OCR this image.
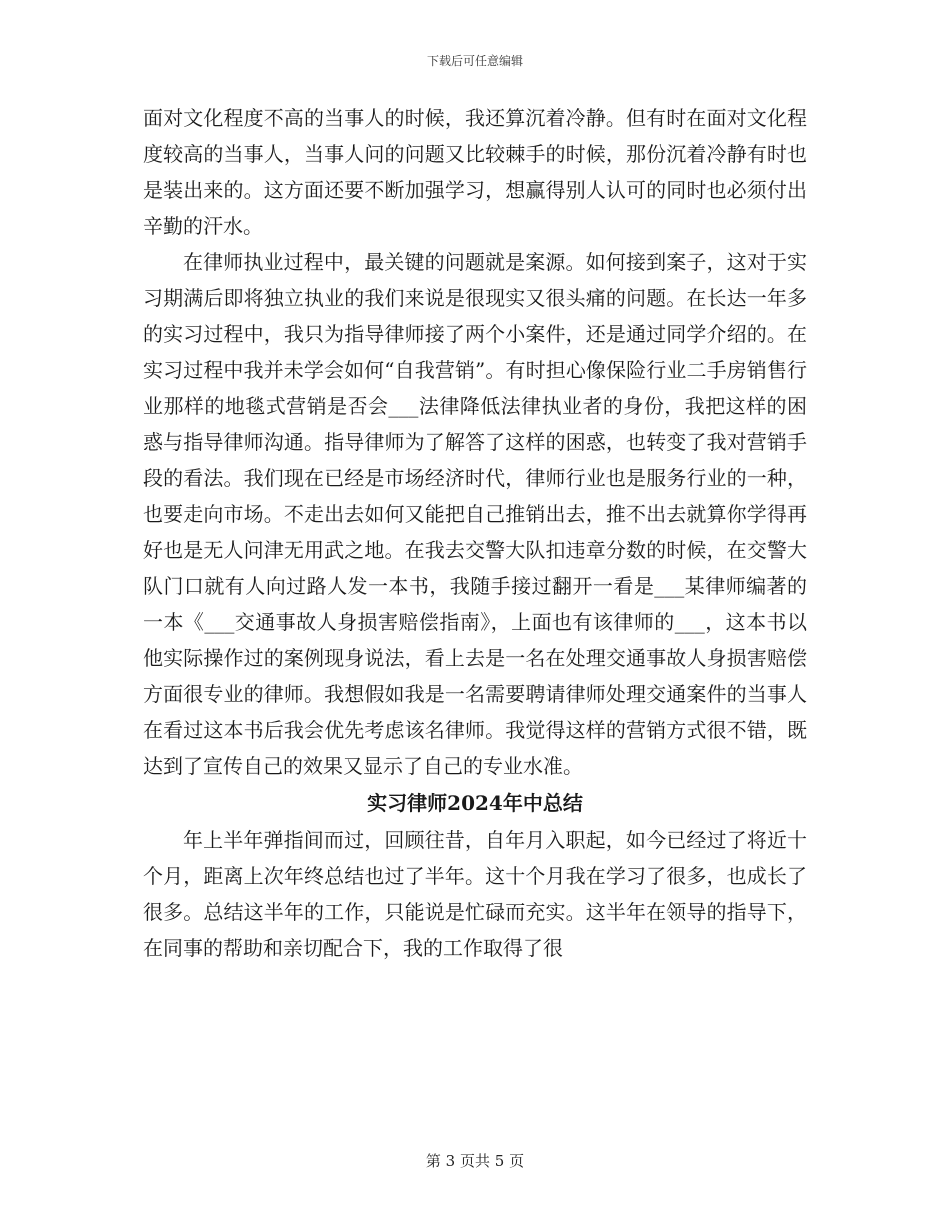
下载后可任意编辑

面对文化程度不高的当事人的时候，我还算沉着冷静。但有时在面对文化程度较高的当事人，当事人问的问题又比较棘手的时候，那份沉着冷静有时也是装出来的。这方面还要不断加强学习，想赢得别人认可的同时也必须付出辛勤的汗水。

在律师执业过程中，最关键的问题就是案源。如何接到案子，这对于实习期满后即将独立执业的我们来说是很现实又很头痛的问题。在长达一年多的实习过程中，我只为指导律师接了两个小案件，还是通过同学介绍的。在实习过程中我并未学会如何“自我营销”。有时担心像保险行业二手房销售行业那样的地毯式营销是否会___法律降低法律执业者的身份，我把这样的困惑与指导律师沟通。指导律师为了解答了这样的困惑，也转变了我对营销手段的看法。我们现在已经是市场经济时代，律师行业也是服务行业的一种，也要走向市场。不走出去如何又能把自己推销出去，推不出去就算你学得再好也是无人问津无用武之地。在我去交警大队扣违章分数的时候，在交警大队门口就有人向过路人发一本书，我随手接过翻开一看是___某律师编著的一本《___交通事故人身损害赔偿指南》，上面也有该律师的___，这本书以他实际操作过的案例现身说法，看上去是一名在处理交通事故人身损害赔偿方面很专业的律师。我想假如我是一名需要聘请律师处理交通案件的当事人在看过这本书后我会优先考虑该名律师。我觉得这样的营销方式很不错，既达到了宣传自己的效果又显示了自己的专业水准。

实习律师2024年中总结

年上半年弹指间而过，回顾往昔，自年月入职起，如今已经过了将近十个月，距离上次年终总结也过了半年。这十个月我在学习了很多，也成长了很多。总结这半年的工作，只能说是忙碌而充实。这半年在领导的指导下，在同事的帮助和亲切配合下，我的工作取得了很

第 3 页共 5 页
